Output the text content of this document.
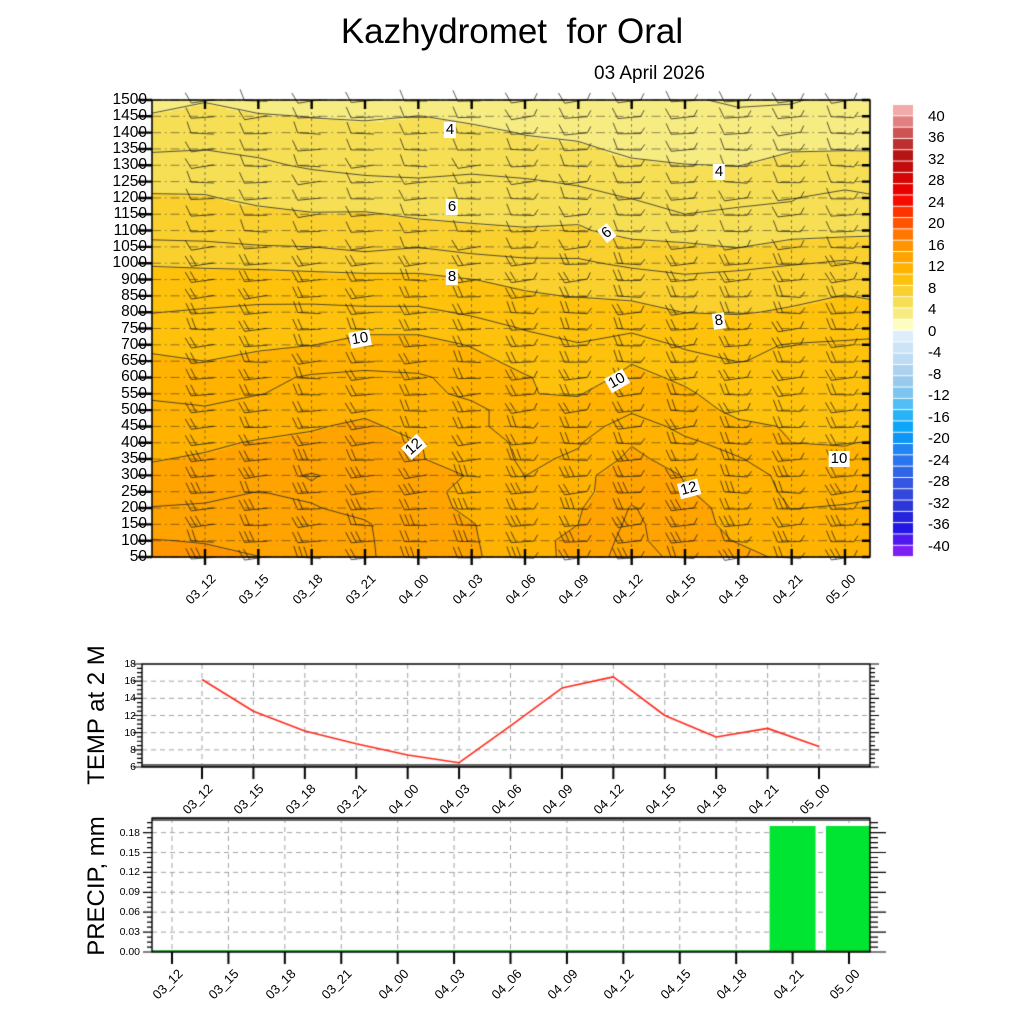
Kazhydromet  for Oral
03 April 2026
1500
1450
1400
1350
1300
1250
1200
1150
1100
1050
1000
900
850
800
750
700
650
600
550
500
450
400
350
300
250
200
150
100
50
03_12 03_15 03_18 03_21 04_00 04_03 04_06 04_09 04_12 04_15 04_18 04_21 05_00
40
36
32
28
24
20
16
12
8
4
0
-4
-8
-12
-16
-20
-24
-28
-32
-36
-40
4
6
8
10
12
4
6
8
10
12
10
TEMP at 2 M	18
16
14
12
10
8
6
03_12 03_15 03_18 03_21 04_00 04_03 04_06 04_09 04_12 04_15 04_18 04_21 05_00
PRECIP, mm 0.18
0.15
0.12
0.09
0.06
0.03
0.00
03_12 03_15 03_18 03_21 04_00 04_03 04_06 04_09 04_12 04_15 04_18 04_21 05_00
